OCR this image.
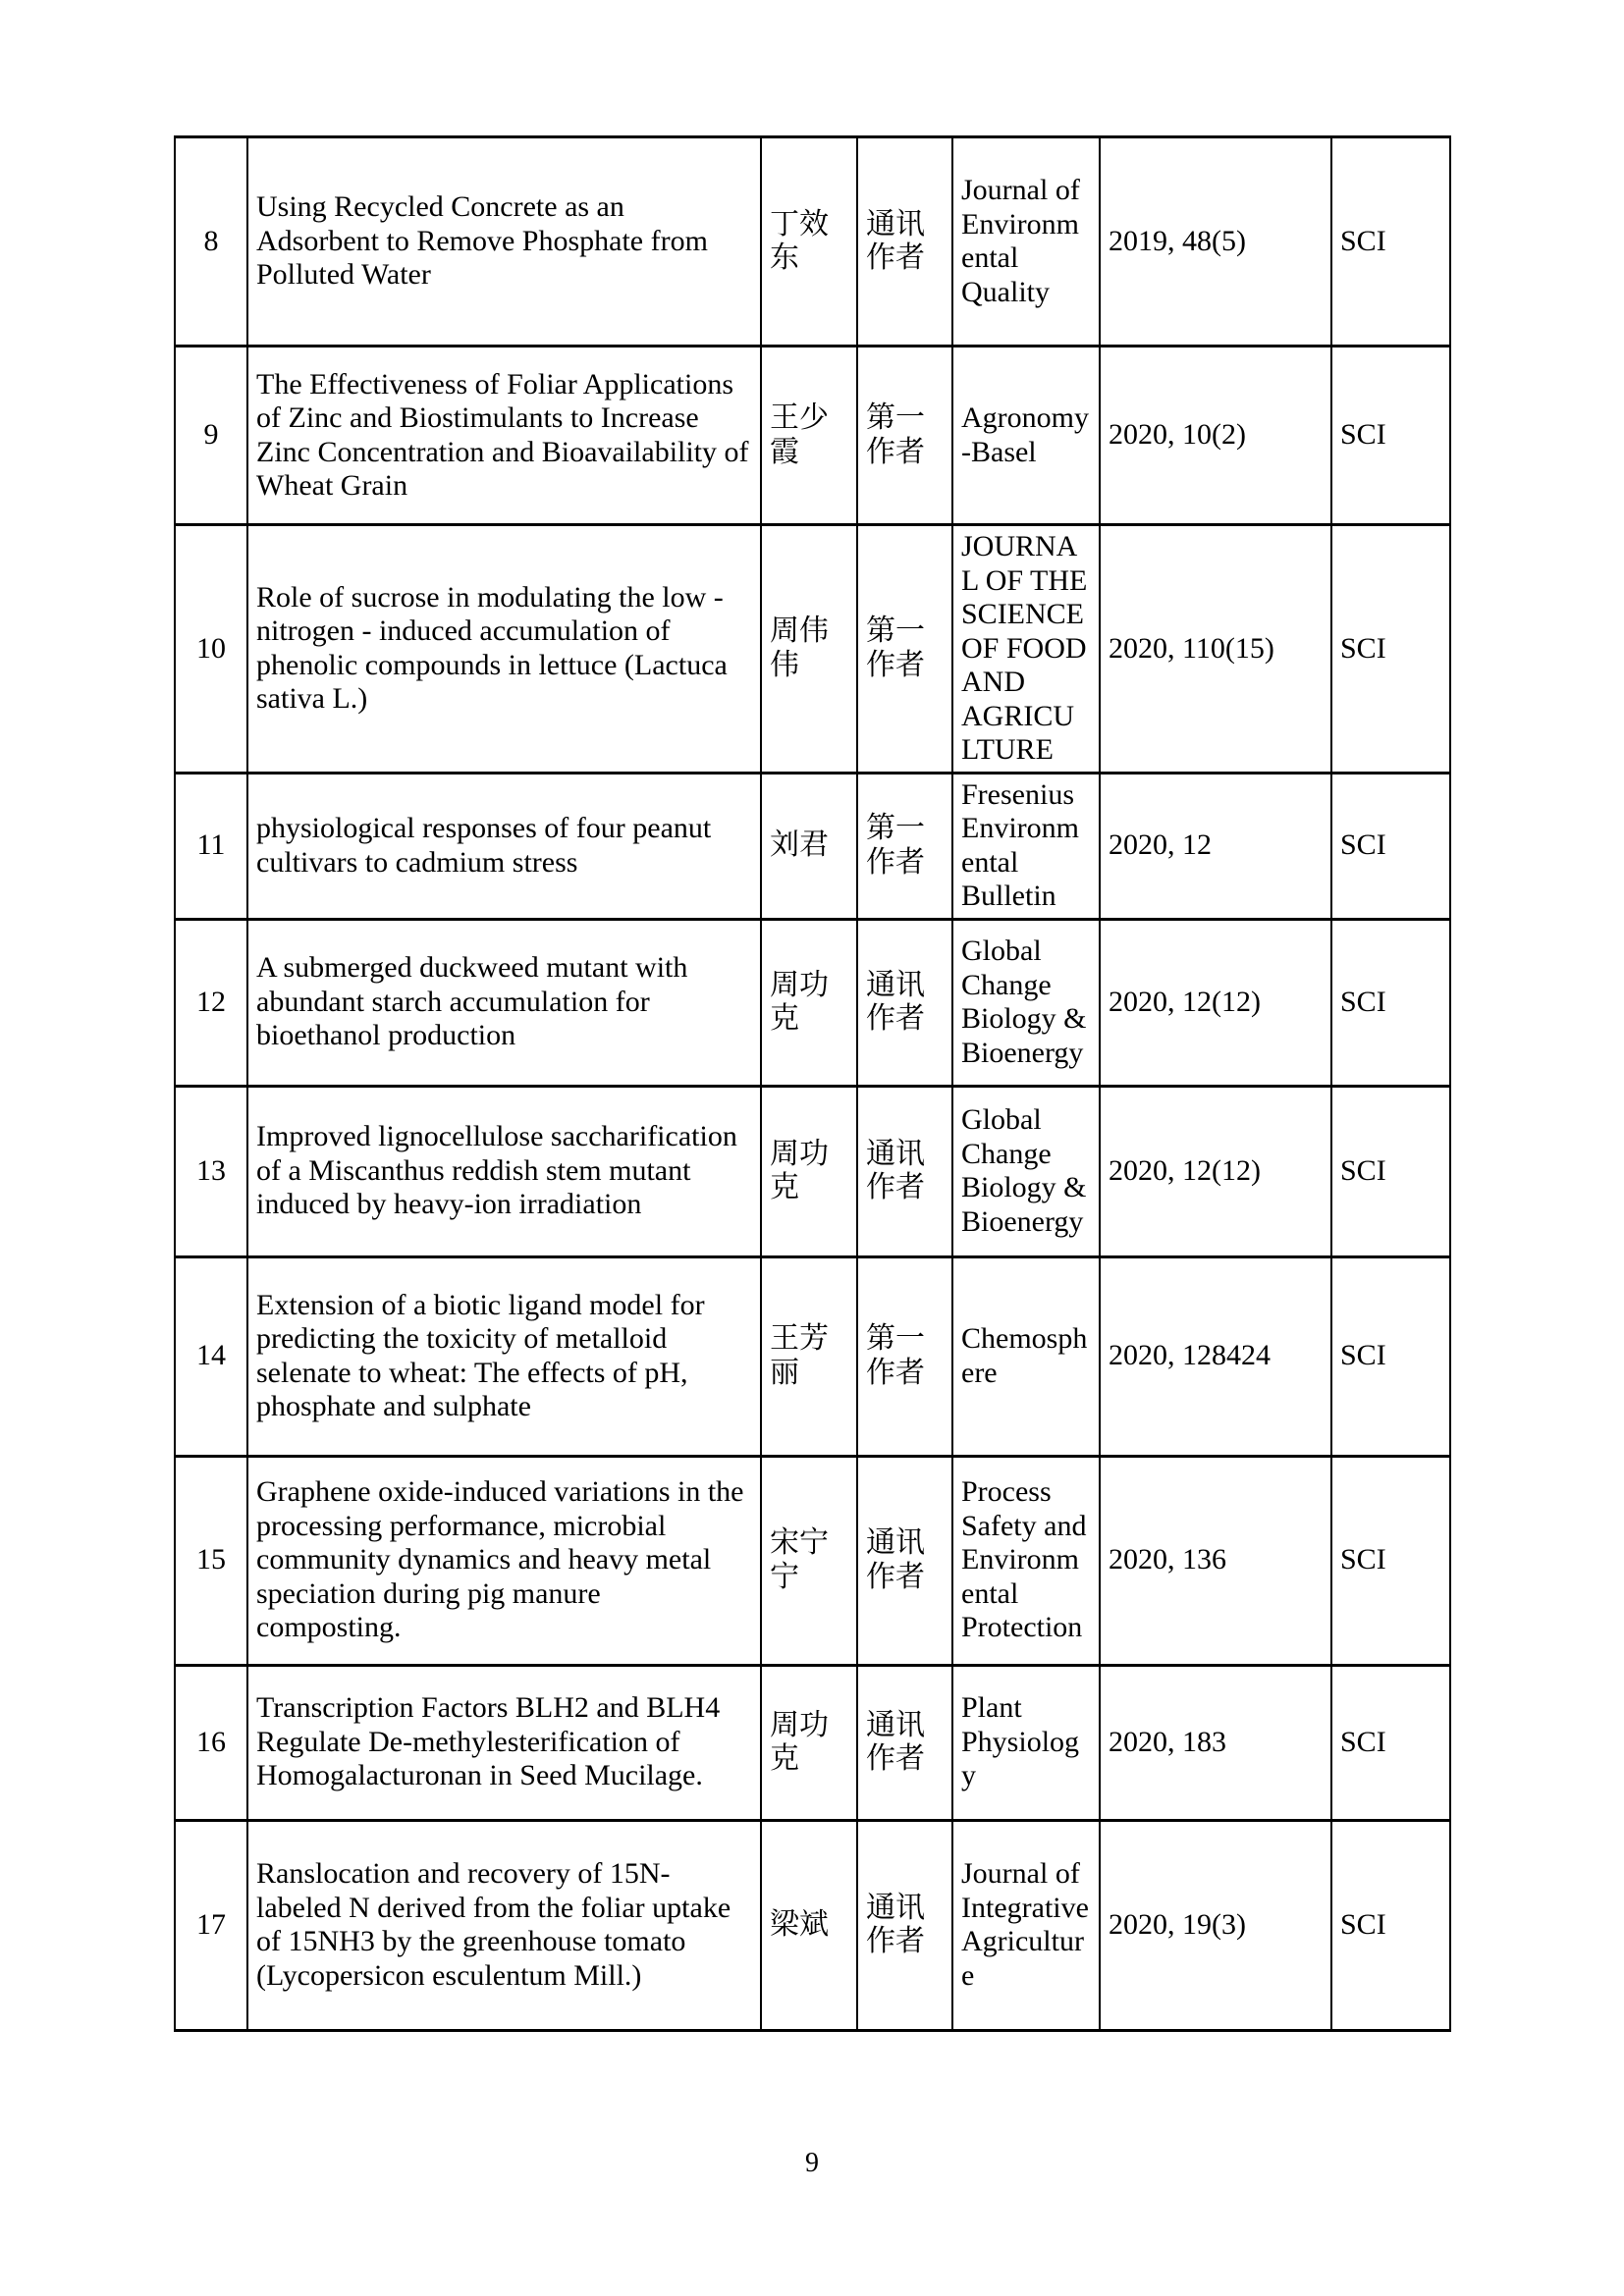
8	Using Recycled Concrete as an Adsorbent to Remove Phosphate from Polluted Water	丁效东	通讯作者	Journal of Environmental Quality	2019, 48(5)	SCI
9	The Effectiveness of Foliar Applications of Zinc and Biostimulants to Increase Zinc Concentration and Bioavailability of Wheat Grain	王少霞	第一作者	Agronomy-Basel	2020, 10(2)	SCI
10	Role of sucrose in modulating the low ‐ nitrogen ‐ induced accumulation of phenolic compounds in lettuce (Lactuca sativa L.)	周伟伟	第一作者	JOURNAL OF THE SCIENCE OF FOOD AND AGRICULTURE	2020, 110(15)	SCI
11	physiological responses of four peanut cultivars to cadmium stress	刘君	第一作者	Fresenius Environmental Bulletin	2020, 12	SCI
12	A submerged duckweed mutant with abundant starch accumulation for bioethanol production	周功克	通讯作者	Global Change Biology & Bioenergy	2020, 12(12)	SCI
13	Improved lignocellulose saccharification of a Miscanthus reddish stem mutant induced by heavy-ion irradiation	周功克	通讯作者	Global Change Biology & Bioenergy	2020, 12(12)	SCI
14	Extension of a biotic ligand model for predicting the toxicity of metalloid selenate to wheat: The effects of pH, phosphate and sulphate	王芳丽	第一作者	Chemosphere	2020, 128424	SCI
15	Graphene oxide-induced variations in the processing performance, microbial community dynamics and heavy metal speciation during pig manure composting.	宋宁宁	通讯作者	Process Safety and Environmental Protection	2020, 136	SCI
16	Transcription Factors BLH2 and BLH4 Regulate De-methylesterification of Homogalacturonan in Seed Mucilage.	周功克	通讯作者	Plant Physiology	2020, 183	SCI
17	Ranslocation and recovery of 15N-labeled N derived from the foliar uptake of 15NH3 by the greenhouse tomato (Lycopersicon esculentum Mill.)	梁斌	通讯作者	Journal of Integrative Agriculture	2020, 19(3)	SCI
9
